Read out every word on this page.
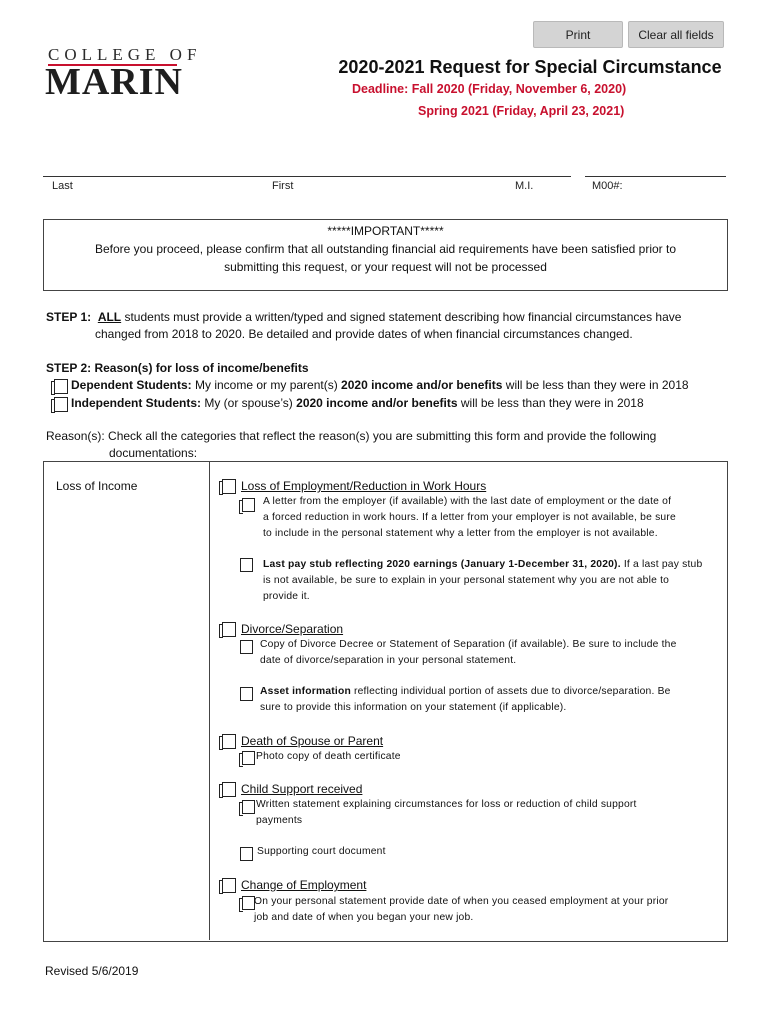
Print	Clear all fields
COLLEGE OF
MARIN	2020-2021 Request for Special Circumstance
Deadline: Fall 2020 (Friday, November 6, 2020)
Spring 2021 (Friday, April 23, 2021)
Last	First	M.I.	M00#:
*****IMPORTANT*****
Before you proceed, please confirm that all outstanding financial aid requirements have been satisfied prior to
submitting this request, or your request will not be processed
STEP 1: ALL students must provide a written/typed and signed statement describing how financial circumstances have
changed from 2018 to 2020. Be detailed and provide dates of when financial circumstances changed.
STEP 2: Reason(s) for loss of income/benefits
Dependent Students: My income or my parent(s) 2020 income and/or benefits will be less than they were in 2018
Independent Students: My (or spouse’s) 2020 income and/or benefits will be less than they were in 2018
Reason(s): Check all the categories that reflect the reason(s) you are submitting this form and provide the following
documentations:
Loss of Income	Loss of Employment/Reduction in Work Hours
A letter from the employer (if available) with the last date of employment or the date of
a forced reduction in work hours. If a letter from your employer is not available, be sure
to include in the personal statement why a letter from the employer is not available.
Last pay stub reflecting 2020 earnings (January 1-December 31, 2020). If a last pay stub
is not available, be sure to explain in your personal statement why you are not able to
provide it.
Divorce/Separation
Copy of Divorce Decree or Statement of Separation (if available). Be sure to include the
date of divorce/separation in your personal statement.
Asset information reflecting individual portion of assets due to divorce/separation. Be
sure to provide this information on your statement (if applicable).
Death of Spouse or Parent
Photo copy of death certificate
Child Support received
Written statement explaining circumstances for loss or reduction of child support
payments
Supporting court document
Change of Employment
On your personal statement provide date of when you ceased employment at your prior
job and date of when you began your new job.
Revised 5/6/2019
